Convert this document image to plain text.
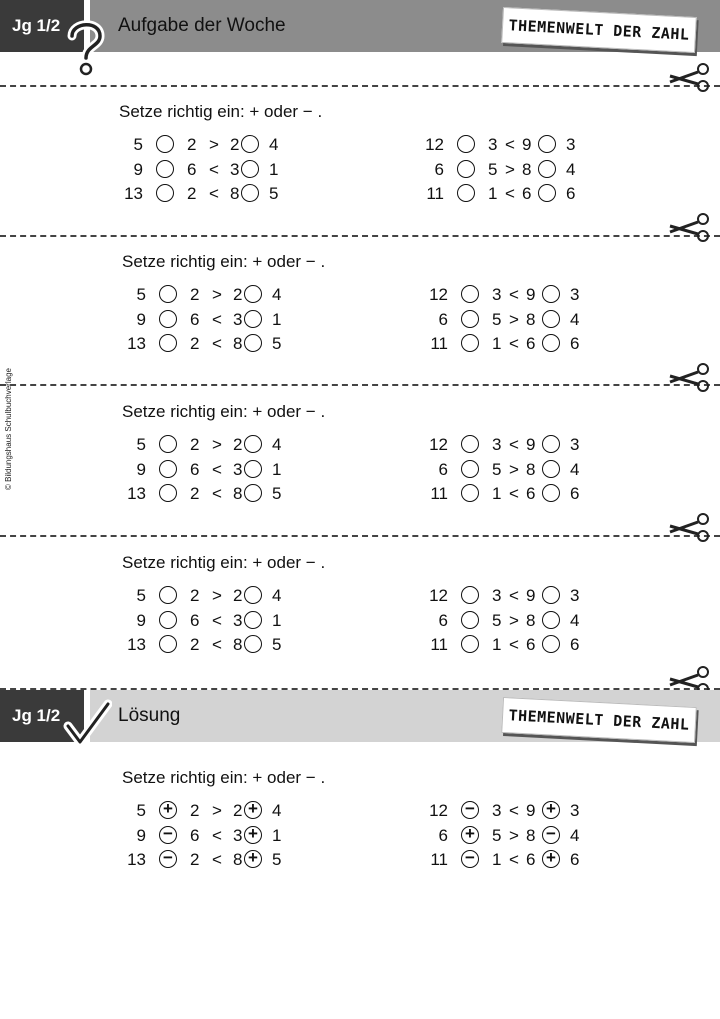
Jg 1/2	Aufgabe der Woche	THEMENWELT DER ZAHL
© Bildungshaus Schulbuchverlage
Setze richtig ein: + oder − .
5	2 > 2 4
9	6 < 3 1
13	2 < 8 5
12	3 < 9 3
6	5 > 8 4
11	1 < 6 6
Setze richtig ein: + oder − .
5	2 > 2 4
9	6 < 3 1
13	2 < 8 5
12	3 < 9 3
6	5 > 8 4
11	1 < 6 6
Setze richtig ein: + oder − .
5	2 > 2 4
9	6 < 3 1
13	2 < 8 5
12	3 < 9 3
6	5 > 8 4
11	1 < 6 6
Setze richtig ein: + oder − .
5	2 > 2 4
9	6 < 3 1
13	2 < 8 5
12	3 < 9 3
6	5 > 8 4
11	1 < 6 6
Setze richtig ein: + oder − .
5 + 2 > 2 + 4
9 − 6 < 3 + 1
13 − 2 < 8 + 5
12 − 3 < 9 + 3
6 + 5 > 8 − 4
11 − 1 < 6 + 6
Jg 1/2	Lösung	THEMENWELT DER ZAHL
